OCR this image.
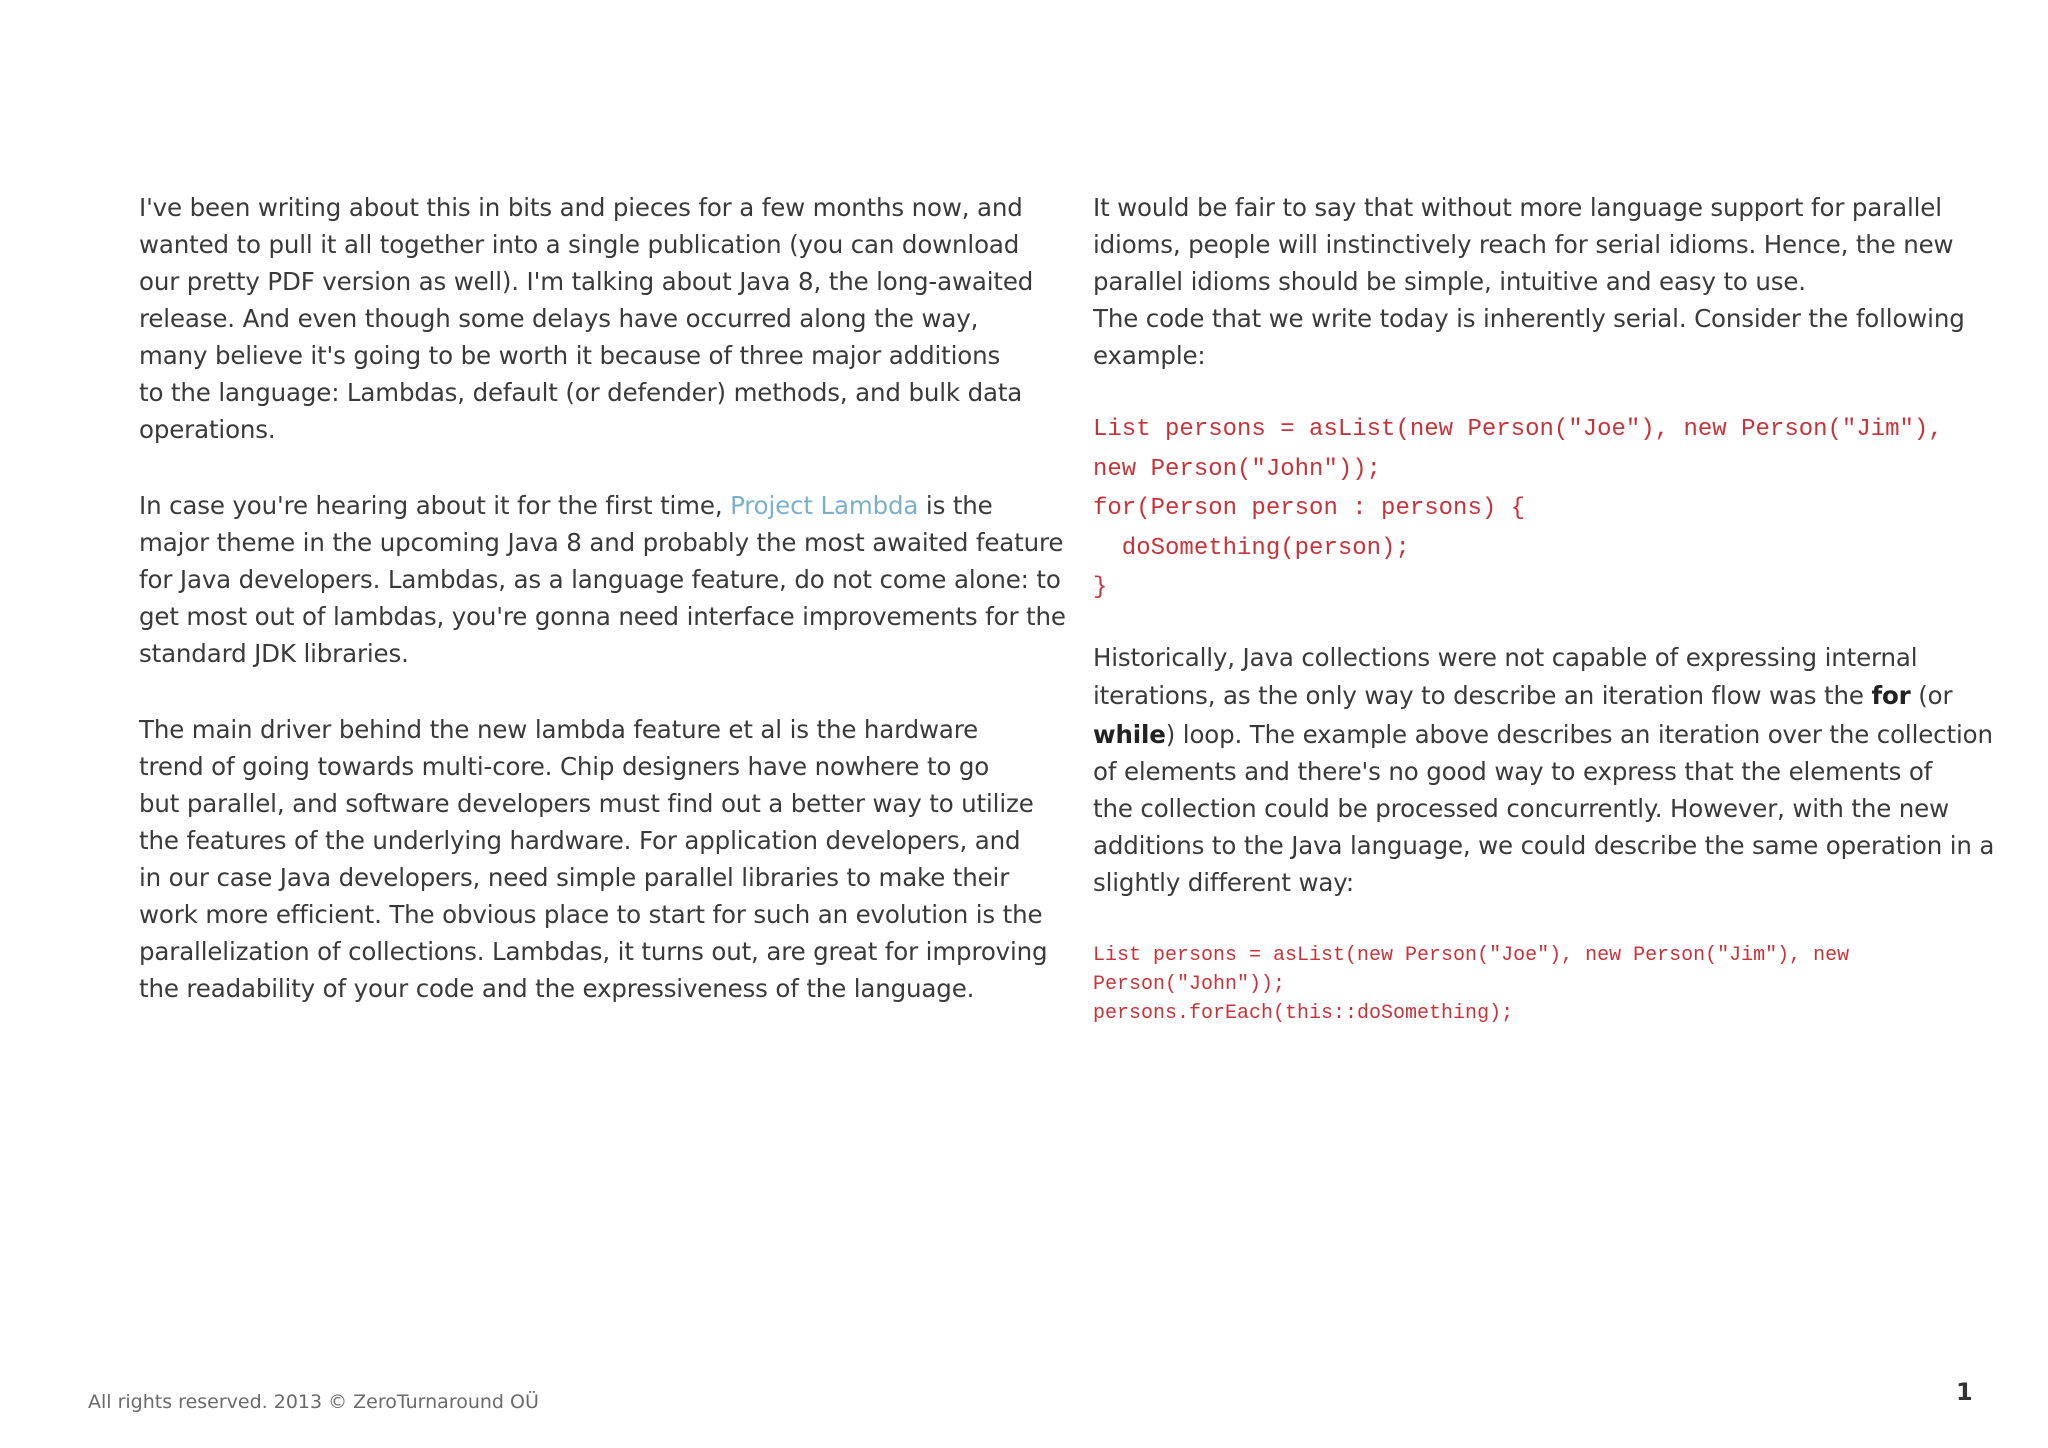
I've been writing about this in bits and pieces for a few months now, and
wanted to pull it all together into a single publication (you can download
our pretty PDF version as well). I'm talking about Java 8, the long-awaited
release. And even though some delays have occurred along the way,
many believe it's going to be worth it because of three major additions
to the language: Lambdas, default (or defender) methods, and bulk data
operations.

In case you're hearing about it for the first time, Project Lambda is the
major theme in the upcoming Java 8 and probably the most awaited feature
for Java developers. Lambdas, as a language feature, do not come alone: to
get most out of lambdas, you're gonna need interface improvements for the
standard JDK libraries.

The main driver behind the new lambda feature et al is the hardware
trend of going towards multi-core. Chip designers have nowhere to go
but parallel, and software developers must find out a better way to utilize
the features of the underlying hardware. For application developers, and
in our case Java developers, need simple parallel libraries to make their
work more efficient. The obvious place to start for such an evolution is the
parallelization of collections. Lambdas, it turns out, are great for improving
the readability of your code and the expressiveness of the language.

It would be fair to say that without more language support for parallel
idioms, people will instinctively reach for serial idioms. Hence, the new
parallel idioms should be simple, intuitive and easy to use.
The code that we write today is inherently serial. Consider the following
example:

List persons = asList(new Person("Joe"), new Person("Jim"),
new Person("John"));
for(Person person : persons) {
doSomething(person);
}

Historically, Java collections were not capable of expressing internal
iterations, as the only way to describe an iteration flow was the for (or
while) loop. The example above describes an iteration over the collection
of elements and there's no good way to express that the elements of
the collection could be processed concurrently. However, with the new
additions to the Java language, we could describe the same operation in a
slightly different way:

List persons = asList(new Person("Joe"), new Person("Jim"), new
Person("John"));
persons.forEach(this::doSomething);
All rights reserved. 2013 © ZeroTurnaround OÜ	1
